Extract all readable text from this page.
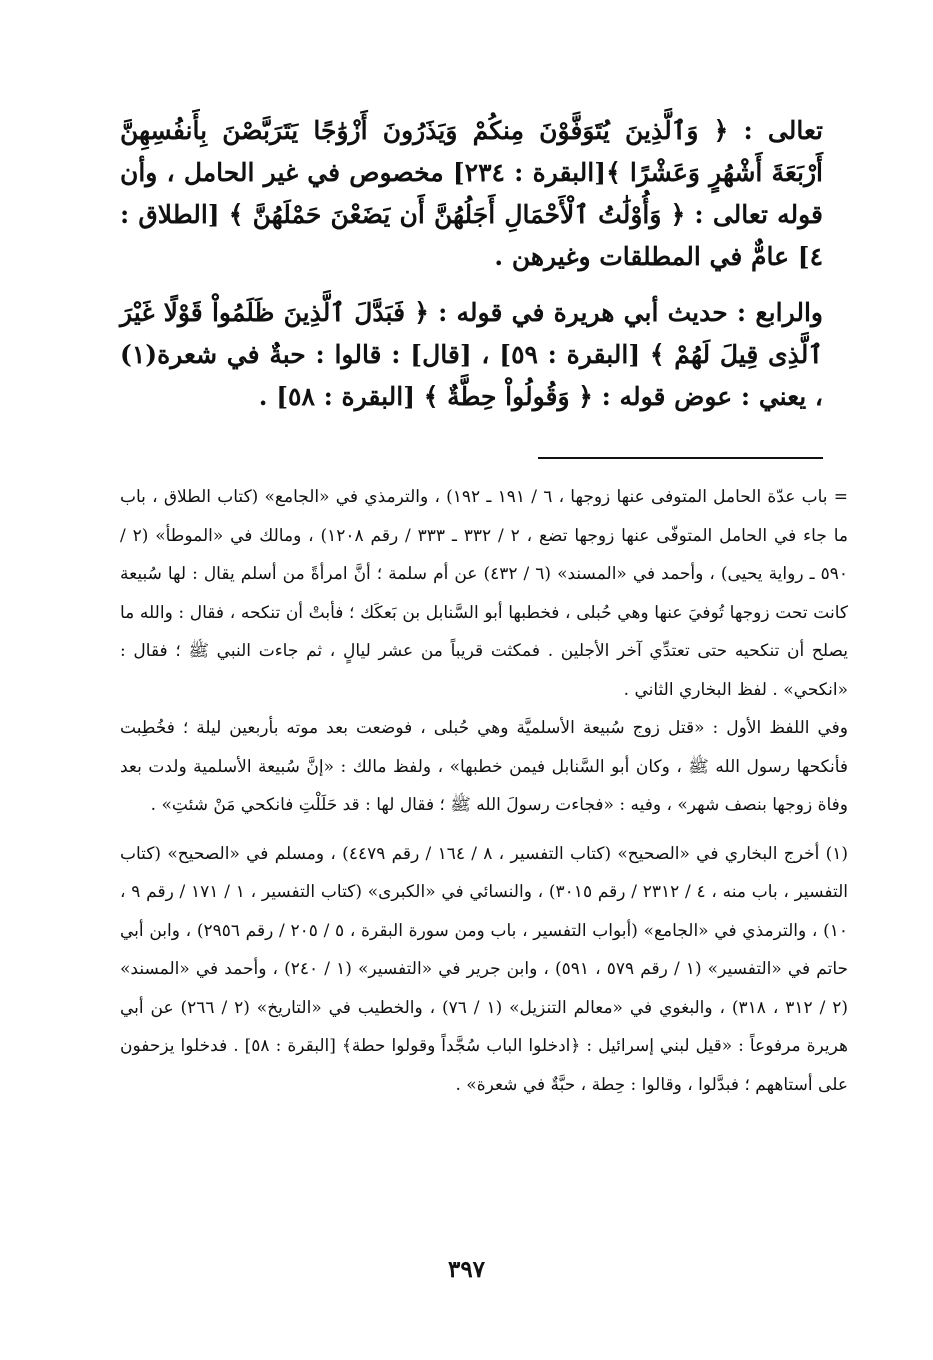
تعالى : ﴿ وَٱلَّذِينَ يُتَوَفَّوْنَ مِنكُمْ وَيَذَرُونَ أَزْوَٰجًا يَتَرَبَّصْنَ بِأَنفُسِهِنَّ أَرْبَعَةَ أَشْهُرٍ وَعَشْرًا ﴾[البقرة : ٢٣٤] مخصوص في غير الحامل ، وأن قوله تعالى : ﴿ وَأُوْلَٰتُ ٱلْأَحْمَالِ أَجَلُهُنَّ أَن يَضَعْنَ حَمْلَهُنَّ ﴾ [الطلاق : ٤] عامٌّ في المطلقات وغيرهن .

والرابع : حديث أبي هريرة في قوله : ﴿ فَبَدَّلَ ٱلَّذِينَ ظَلَمُواْ قَوْلًا غَيْرَ ٱلَّذِى قِيلَ لَهُمْ ﴾ [البقرة : ٥٩] ، [قال] : قالوا : حبةٌ في شعرة(١) ، يعني : عوض قوله : ﴿ وَقُولُواْ حِطَّةٌ ﴾ [البقرة : ٥٨] .

= باب عدّة الحامل المتوفى عنها زوجها ، ٦ / ١٩١ ـ ١٩٢) ، والترمذي في «الجامع» (كتاب الطلاق ، باب ما جاء في الحامل المتوفّى عنها زوجها تضع ، ٢ / ٣٣٢ ـ ٣٣٣ / رقم ١٢٠٨) ، ومالك في «الموطأ» (٢ / ٥٩٠ ـ رواية يحيى) ، وأحمد في «المسند» (٦ / ٤٣٢) عن أم سلمة ؛ أنَّ امرأةً من أسلم يقال : لها سُبيعة كانت تحت زوجها تُوفيَ عنها وهي حُبلى ، فخطبها أبو السَّنابل بن بَعكَك ؛ فأبتْ أن تنكحه ، فقال : والله ما يصلح أن تنكحيه حتى تعتدِّي آخر الأجلين . فمكثت قريباً من عشر ليالٍ ، ثم جاءت النبي ﷺ ؛ فقال : «انكحي» . لفظ البخاري الثاني .

وفي اللفظ الأول : «قتل زوج سُبيعة الأسلميَّة وهي حُبلى ، فوضعت بعد موته بأربعين ليلة ؛ فخُطِبت فأنكحها رسول الله ﷺ ، وكان أبو السَّنابل فيمن خطبها» ، ولفظ مالك : «إنَّ سُبيعة الأسلمية ولدت بعد وفاة زوجها بنصف شهر» ، وفيه : «فجاءت رسولَ الله ﷺ ؛ فقال لها : قد حَلَلْتِ فانكحي مَنْ شئتِ» .

(١) أخرج البخاري في «الصحيح» (كتاب التفسير ، ٨ / ١٦٤ / رقم ٤٤٧٩) ، ومسلم في «الصحيح» (كتاب التفسير ، باب منه ، ٤ / ٢٣١٢ / رقم ٣٠١٥) ، والنسائي في «الكبرى» (كتاب التفسير ، ١ / ١٧١ / رقم ٩ ، ١٠) ، والترمذي في «الجامع» (أبواب التفسير ، باب ومن سورة البقرة ، ٥ / ٢٠٥ / رقم ٢٩٥٦) ، وابن أبي حاتم في «التفسير» (١ / رقم ٥٧٩ ، ٥٩١) ، وابن جرير في «التفسير» (١ / ٢٤٠) ، وأحمد في «المسند» (٢ / ٣١٢ ، ٣١٨) ، والبغوي في «معالم التنزيل» (١ / ٧٦) ، والخطيب في «التاريخ» (٢ / ٢٦٦) عن أبي هريرة مرفوعاً : «قيل لبني إسرائيل : ﴿ادخلوا الباب سُجَّداً وقولوا حطة﴾ [البقرة : ٥٨] . فدخلوا يزحفون على أستاههم ؛ فبدَّلوا ، وقالوا : حِطة ، حبَّةٌ في شعرة» .

٣٩٧
